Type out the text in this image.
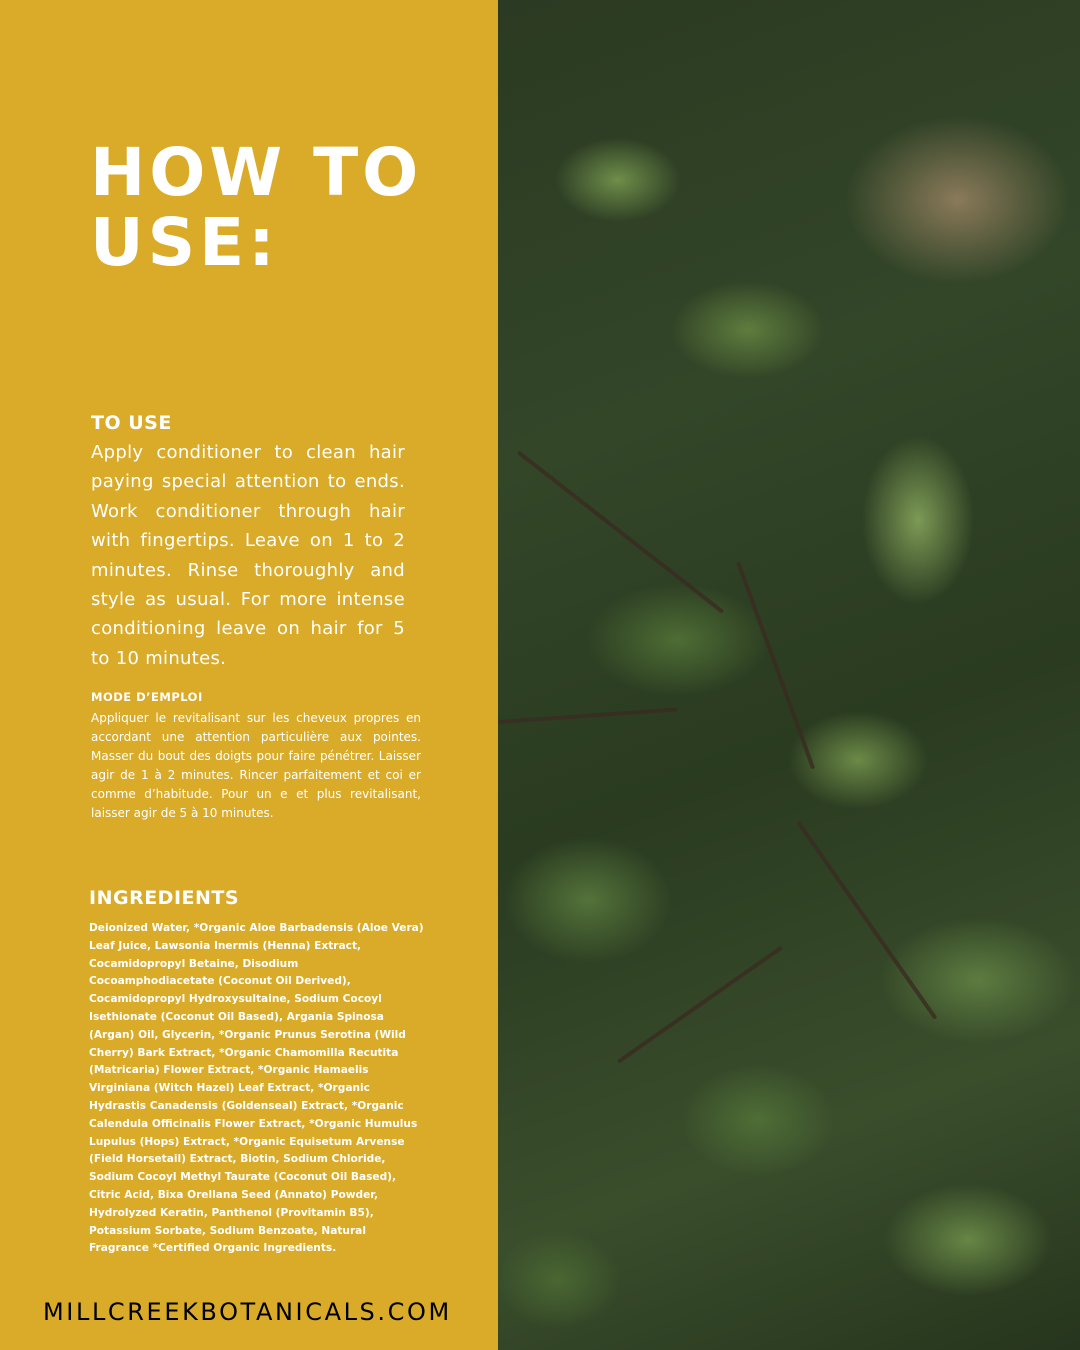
HOW TO USE:
TO USE

Apply conditioner to clean hair paying special attention to ends. Work conditioner through hair with fingertips. Leave on 1 to 2 minutes. Rinse thoroughly and style as usual. For more intense conditioning leave on hair for 5 to 10 minutes.

MODE D’EMPLOI

Appliquer le revitalisant sur les cheveux propres en accordant une attention particulière aux pointes. Masser du bout des doigts pour faire pénétrer. Laisser agir de 1 à 2 minutes. Rincer parfaitement et coi er comme d’habitude. Pour un e et plus revitalisant, laisser agir de 5 à 10 minutes.

INGREDIENTS

Deionized Water, *Organic Aloe Barbadensis (Aloe Vera) Leaf Juice, Lawsonia Inermis (Henna) Extract, Cocamidopropyl Betaine, Disodium Cocoamphodiacetate (Coconut Oil Derived), Cocamidopropyl Hydroxysultaine, Sodium Cocoyl Isethionate (Coconut Oil Based), Argania Spinosa (Argan) Oil, Glycerin, *Organic Prunus Serotina (Wild Cherry) Bark Extract, *Organic Chamomilla Recutita (Matricaria) Flower Extract, *Organic Hamaelis Virginiana (Witch Hazel) Leaf Extract, *Organic Hydrastis Canadensis (Goldenseal) Extract, *Organic Calendula Officinalis Flower Extract, *Organic Humulus Lupulus (Hops) Extract, *Organic Equisetum Arvense (Field Horsetail) Extract, Biotin, Sodium Chloride, Sodium Cocoyl Methyl Taurate (Coconut Oil Based), Citric Acid, Bixa Orellana Seed (Annato) Powder, Hydrolyzed Keratin, Panthenol (Provitamin B5), Potassium Sorbate, Sodium Benzoate, Natural Fragrance *Certified Organic Ingredients.

MILLCREEKBOTANICALS.COM
